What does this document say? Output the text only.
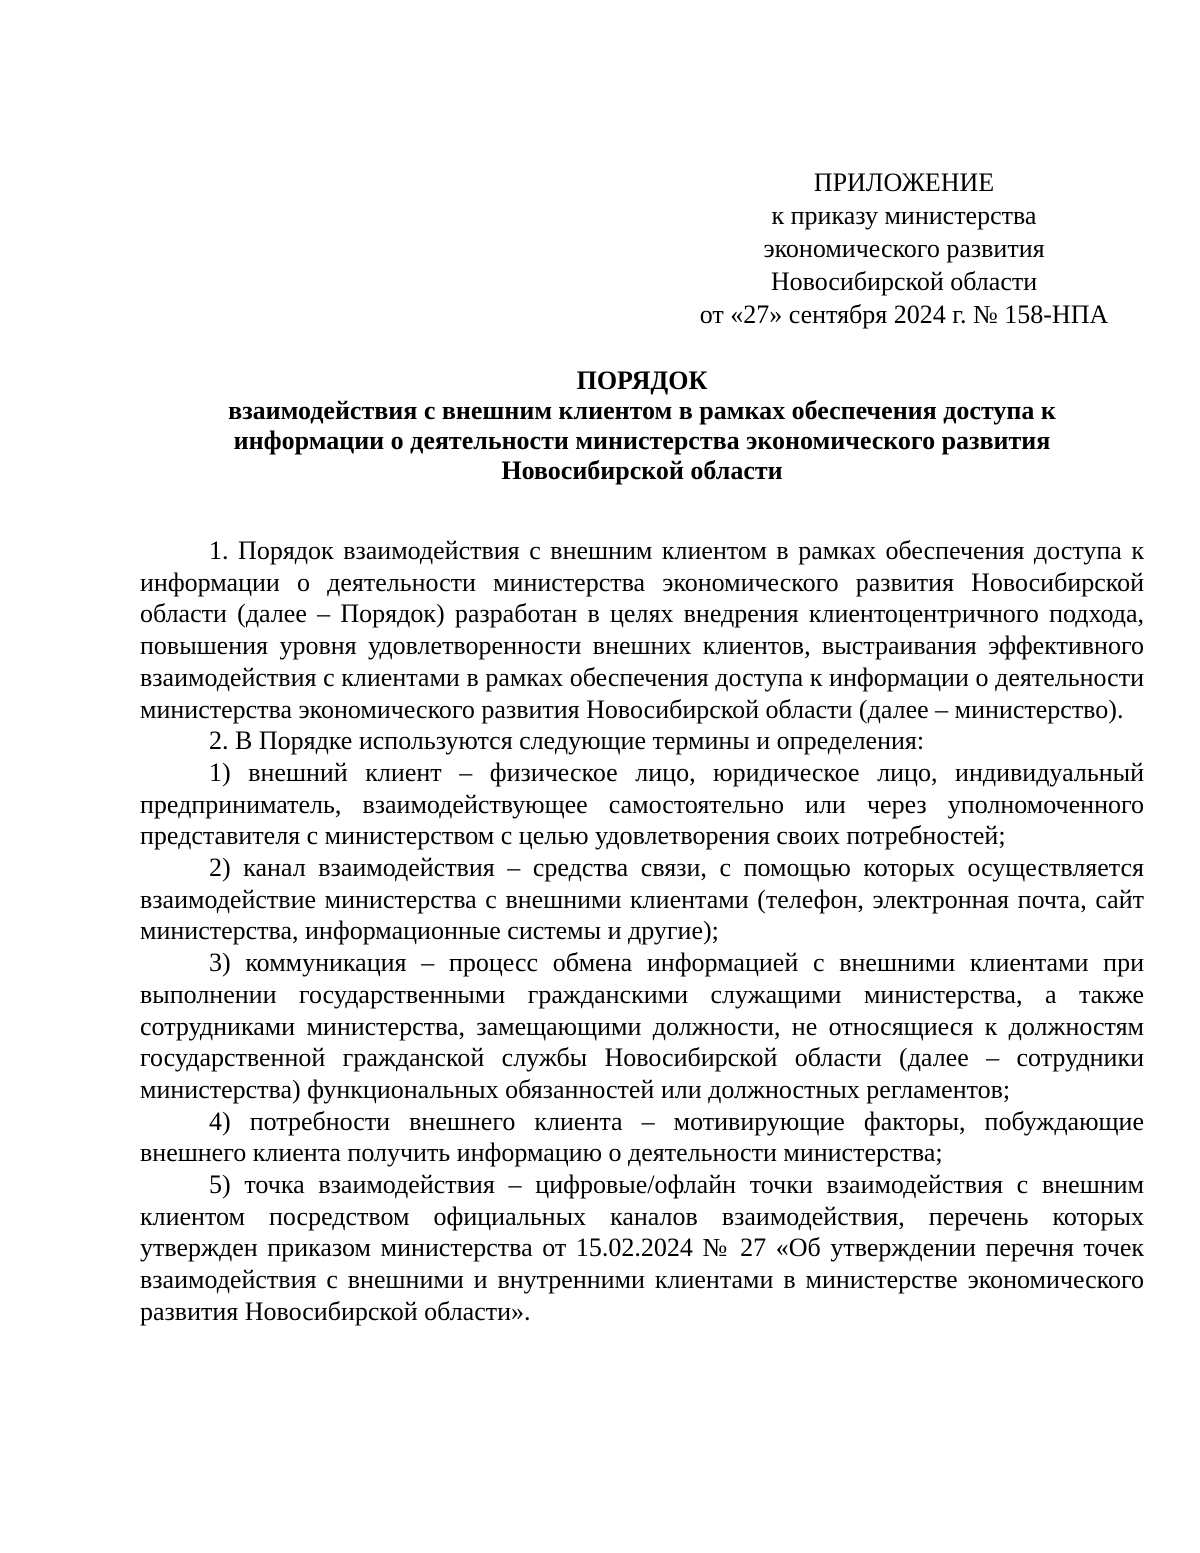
ПРИЛОЖЕНИЕ
к приказу министерства
экономического развития
Новосибирской области
от «27» сентября 2024 г. № 158-НПА
ПОРЯДОК
взаимодействия с внешним клиентом в рамках обеспечения доступа к
информации о деятельности министерства экономического развития
Новосибирской области

1. Порядок взаимодействия с внешним клиентом в рамках обеспечения доступа к информации о деятельности министерства экономического развития Новосибирской области (далее – Порядок) разработан в целях внедрения клиентоцентричного подхода, повышения уровня удовлетворенности внешних клиентов, выстраивания эффективного взаимодействия с клиентами в рамках обеспечения доступа к информации о деятельности министерства экономического развития Новосибирской области (далее – министерство).

2. В Порядке используются следующие термины и определения:

1) внешний клиент – физическое лицо, юридическое лицо, индивидуальный предприниматель, взаимодействующее самостоятельно или через уполномоченного представителя с министерством с целью удовлетворения своих потребностей;

2) канал взаимодействия – средства связи, с помощью которых осуществляется взаимодействие министерства с внешними клиентами (телефон, электронная почта, сайт министерства, информационные системы и другие);

3) коммуникация – процесс обмена информацией с внешними клиентами при выполнении государственными гражданскими служащими министерства, а также сотрудниками министерства, замещающими должности, не относящиеся к должностям государственной гражданской службы Новосибирской области (далее – сотрудники министерства) функциональных обязанностей или должностных регламентов;

4) потребности внешнего клиента – мотивирующие факторы, побуждающие внешнего клиента получить информацию о деятельности министерства;

5) точка взаимодействия – цифровые/офлайн точки взаимодействия с внешним клиентом посредством официальных каналов взаимодействия, перечень которых утвержден приказом министерства от 15.02.2024 № 27 «Об утверждении перечня точек взаимодействия с внешними и внутренними клиентами в министерстве экономического развития Новосибирской области».
